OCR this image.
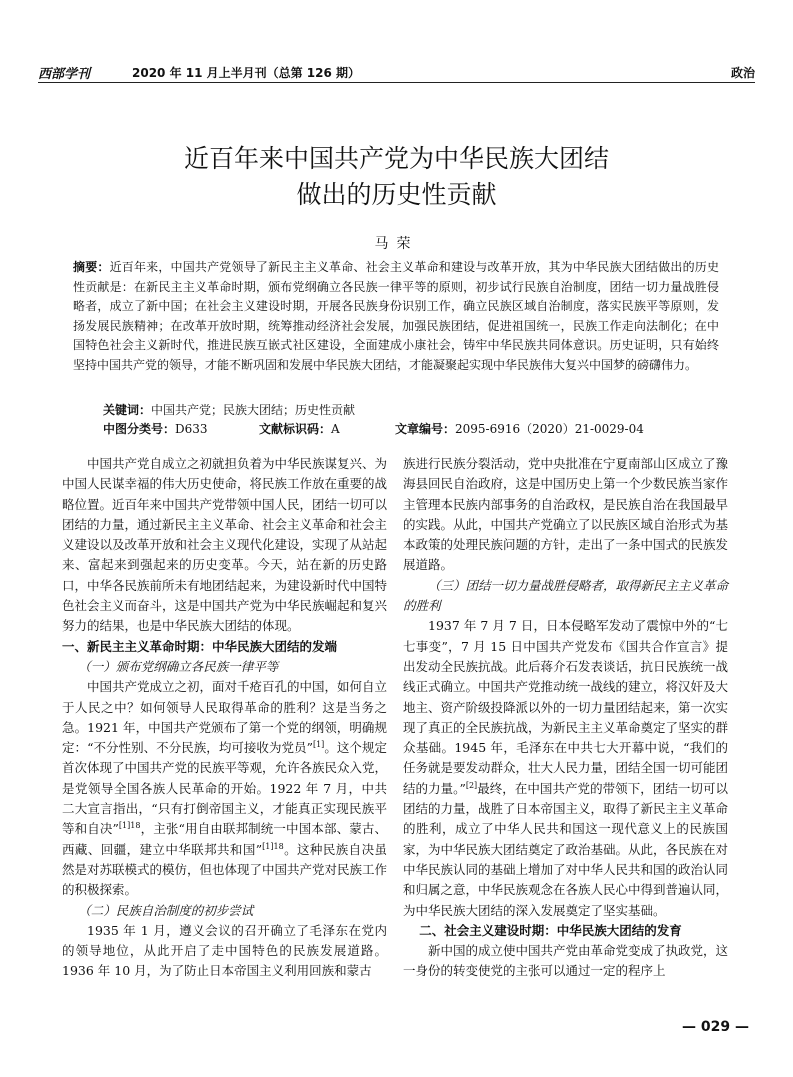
西部学刊	2020 年 11 月上半月刊（总第 126 期）	政治
近百年来中国共产党为中华民族大团结
做出的历史性贡献
马荣
摘要：近百年来，中国共产党领导了新民主主义革命、社会主义革命和建设与改革开放，其为中华民族大团结做出的历史性贡献是：在新民主主义革命时期，颁布党纲确立各民族一律平等的原则，初步试行民族自治制度，团结一切力量战胜侵略者，成立了新中国；在社会主义建设时期，开展各民族身份识别工作，确立民族区域自治制度，落实民族平等原则，发扬发展民族精神；在改革开放时期，统筹推动经济社会发展，加强民族团结，促进祖国统一，民族工作走向法制化；在中国特色社会主义新时代，推进民族互嵌式社区建设，全面建成小康社会，铸牢中华民族共同体意识。历史证明，只有始终坚持中国共产党的领导，才能不断巩固和发展中华民族大团结，才能凝聚起实现中华民族伟大复兴中国梦的磅礴伟力。
关键词：中国共产党；民族大团结；历史性贡献
中图分类号：D633	文献标识码：A	文章编号：2095-6916（2020）21-0029-04

中国共产党自成立之初就担负着为中华民族谋复兴、为中国人民谋幸福的伟大历史使命，将民族工作放在重要的战略位置。近百年来中国共产党带领中国人民，团结一切可以团结的力量，通过新民主主义革命、社会主义革命和社会主义建设以及改革开放和社会主义现代化建设，实现了从站起来、富起来到强起来的历史变革。今天，站在新的历史路口，中华各民族前所未有地团结起来，为建设新时代中国特色社会主义而奋斗，这是中国共产党为中华民族崛起和复兴努力的结果，也是中华民族大团结的体现。

一、新民主主义革命时期：中华民族大团结的发端
（一）颁布党纲确立各民族一律平等

中国共产党成立之初，面对千疮百孔的中国，如何自立于人民之中？如何领导人民取得革命的胜利？这是当务之急。1921 年，中国共产党颁布了第一个党的纲领，明确规定：“不分性别、不分民族，均可接收为党员”[1]。这个规定首次体现了中国共产党的民族平等观，允许各族民众入党，是党领导全国各族人民革命的开始。1922 年 7 月，中共二大宣言指出，“只有打倒帝国主义，才能真正实现民族平等和自决”$^{[1]18}$，主张“用自由联邦制统一中国本部、蒙古、西藏、回疆，建立中华联邦共和国”$^{[1]18}$。这种民族自决虽然是对苏联模式的模仿，但也体现了中国共产党对民族工作的积极探索。

（二）民族自治制度的初步尝试

1935 年 1 月，遵义会议的召开确立了毛泽东在党内的领导地位，从此开启了走中国特色的民族发展道路。1936 年 10 月，为了防止日本帝国主义利用回族和蒙古

族进行民族分裂活动，党中央批准在宁夏南部山区成立了豫海县回民自治政府，这是中国历史上第一个少数民族当家作主管理本民族内部事务的自治政权，是民族自治在我国最早的实践。从此，中国共产党确立了以民族区域自治形式为基本政策的处理民族问题的方针，走出了一条中国式的民族发展道路。

（三）团结一切力量战胜侵略者，取得新民主主义革命的胜利

1937 年 7 月 7 日，日本侵略军发动了震惊中外的“七七事变”，7 月 15 日中国共产党发布《国共合作宣言》提出发动全民族抗战。此后蒋介石发表谈话，抗日民族统一战线正式确立。中国共产党推动统一战线的建立，将汉奸及大地主、资产阶级投降派以外的一切力量团结起来，第一次实现了真正的全民族抗战，为新民主主义革命奠定了坚实的群众基础。1945 年，毛泽东在中共七大开幕中说，“我们的任务就是要发动群众，壮大人民力量，团结全国一切可能团结的力量。”[2]最终，在中国共产党的带领下，团结一切可以团结的力量，战胜了日本帝国主义，取得了新民主主义革命的胜利，成立了中华人民共和国这一现代意义上的民族国家，为中华民族大团结奠定了政治基础。从此，各民族在对中华民族认同的基础上增加了对中华人民共和国的政治认同和归属之意，中华民族观念在各族人民心中得到普遍认同，为中华民族大团结的深入发展奠定了坚实基础。

二、社会主义建设时期：中华民族大团结的发育

新中国的成立使中国共产党由革命党变成了执政党，这一身份的转变使党的主张可以通过一定的程序上

— 029 —
